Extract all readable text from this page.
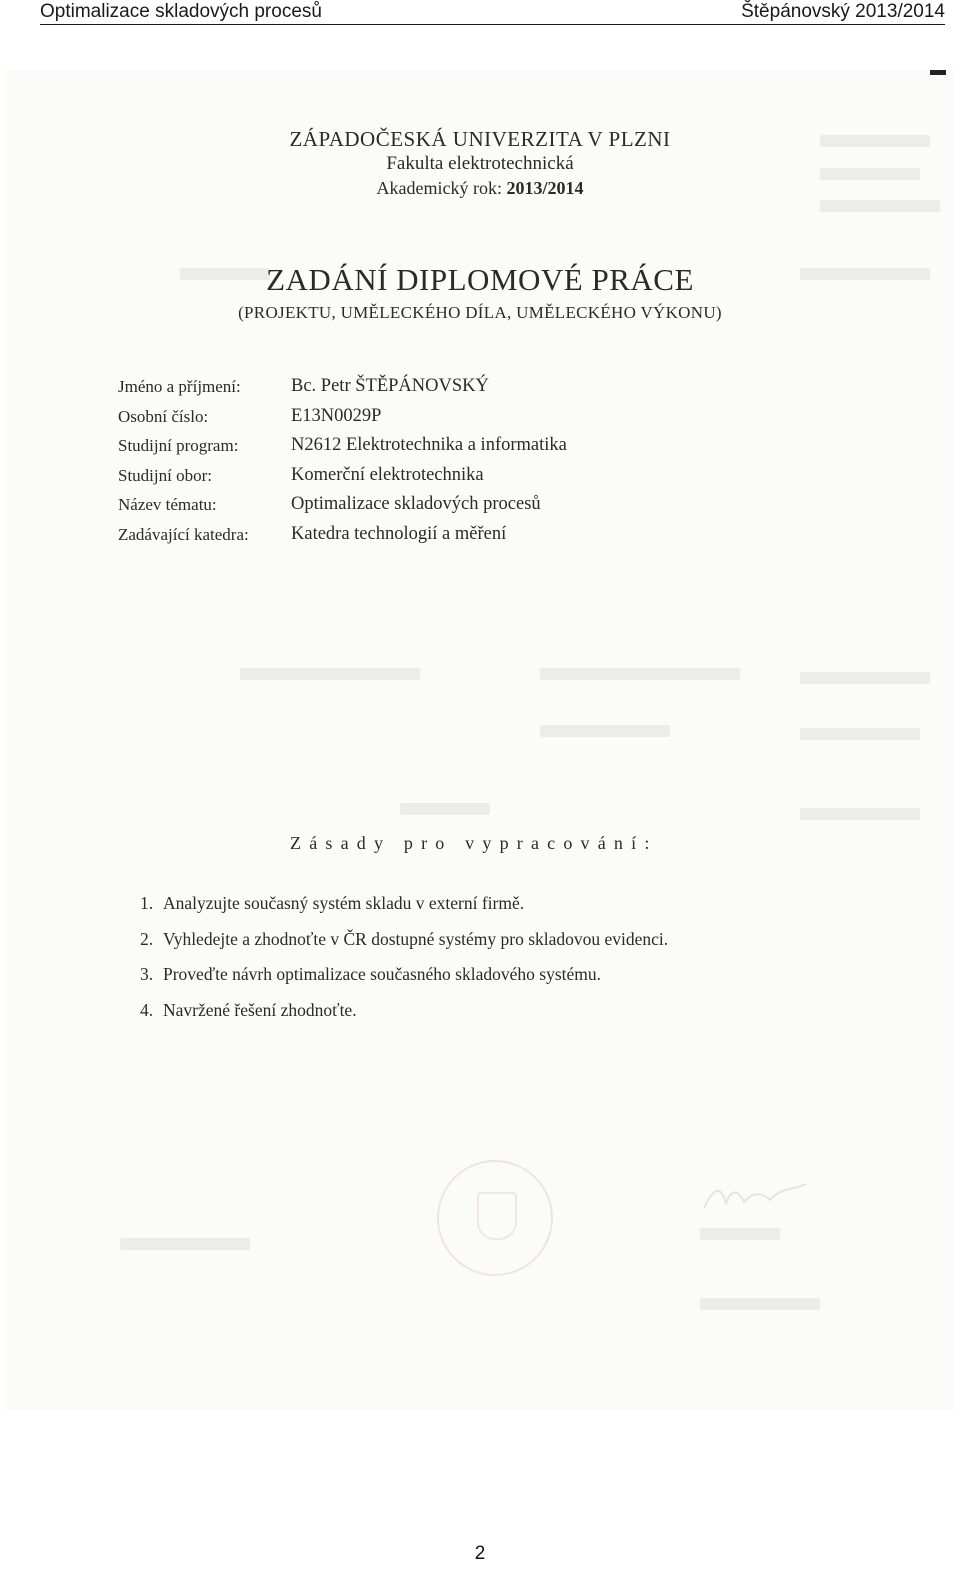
Optimalizace skladových procesů	Štěpánovský 2013/2014
ZÁPADOČESKÁ UNIVERZITA V PLZNI
Fakulta elektrotechnická
Akademický rok: 2013/2014
ZADÁNÍ DIPLOMOVÉ PRÁCE
(PROJEKTU, UMĚLECKÉHO DÍLA, UMĚLECKÉHO VÝKONU)
Jméno a příjmení:	Bc. Petr ŠTĚPÁNOVSKÝ
Osobní číslo:	E13N0029P
Studijní program:	N2612 Elektrotechnika a informatika
Studijní obor:	Komerční elektrotechnika
Název tématu:	Optimalizace skladových procesů
Zadávající katedra: Katedra technologií a měření
Zásady pro vypracování:
1. Analyzujte současný systém skladu v externí firmě.
2. Vyhledejte a zhodnoťte v ČR dostupné systémy pro skladovou evidenci.
3. Proveďte návrh optimalizace současného skladového systému.
4. Navržené řešení zhodnoťte.
2
